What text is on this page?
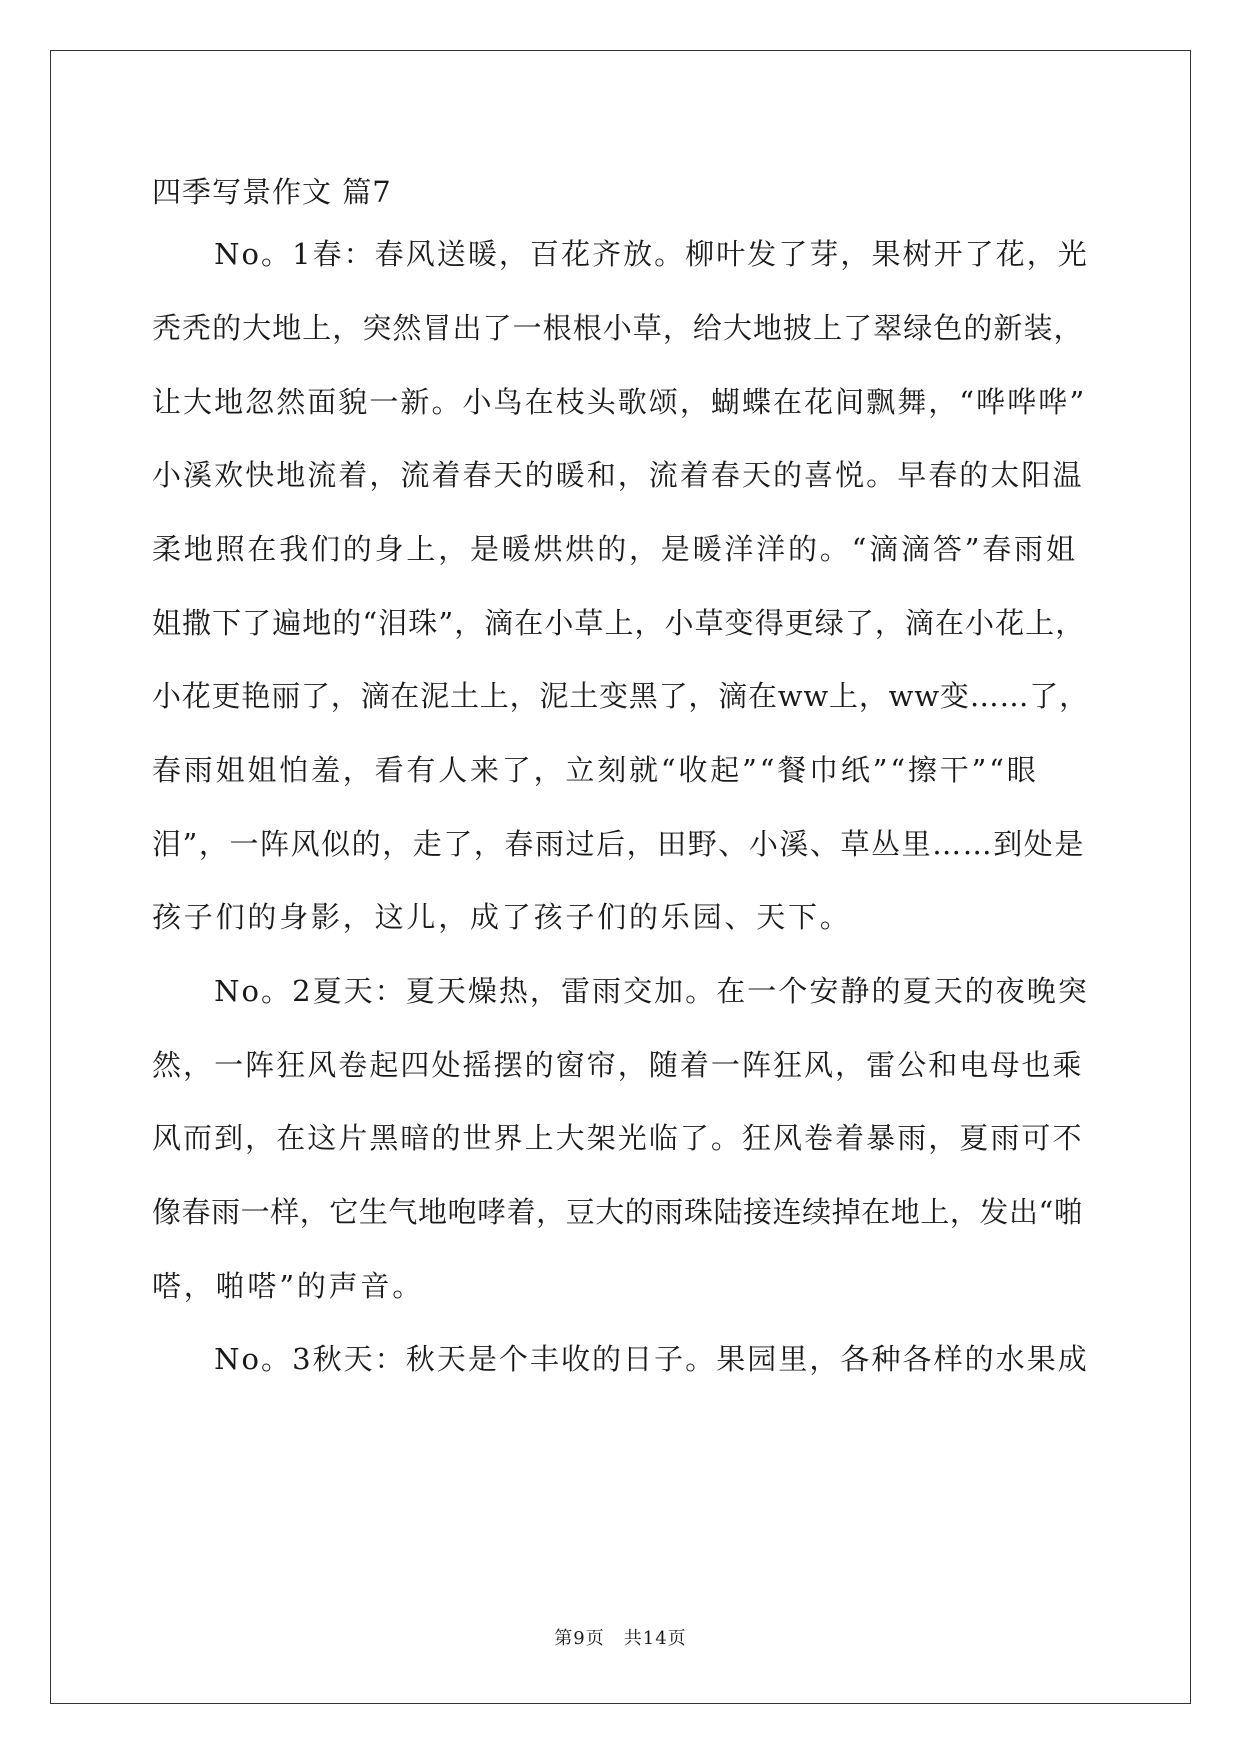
四季写景作文 篇7
　　No。1春：春风送暖，百花齐放。柳叶发了芽，果树开了花，光
秃秃的大地上，突然冒出了一根根小草，给大地披上了翠绿色的新装，
让大地忽然面貌一新。小鸟在枝头歌颂，蝴蝶在花间飘舞，“哗哗哗”
小溪欢快地流着，流着春天的暖和，流着春天的喜悦。早春的太阳温
柔地照在我们的身上，是暖烘烘的，是暖洋洋的。“滴滴答”春雨姐
姐撒下了遍地的“泪珠”，滴在小草上，小草变得更绿了，滴在小花上，
小花更艳丽了，滴在泥土上，泥土变黑了，滴在ww上，ww变……了，
春雨姐姐怕羞，看有人来了，立刻就“收起”“餐巾纸”“擦干”“眼
泪”，一阵风似的，走了，春雨过后，田野、小溪、草丛里……到处是
孩子们的身影，这儿，成了孩子们的乐园、天下。
　　No。2夏天：夏天燥热，雷雨交加。在一个安静的夏天的夜晚突
然，一阵狂风卷起四处摇摆的窗帘，随着一阵狂风，雷公和电母也乘
风而到，在这片黑暗的世界上大架光临了。狂风卷着暴雨，夏雨可不
像春雨一样，它生气地咆哮着，豆大的雨珠陆接连续掉在地上，发出“啪
嗒，啪嗒”的声音。
　　No。3秋天：秋天是个丰收的日子。果园里，各种各样的水果成
第9页　共14页
